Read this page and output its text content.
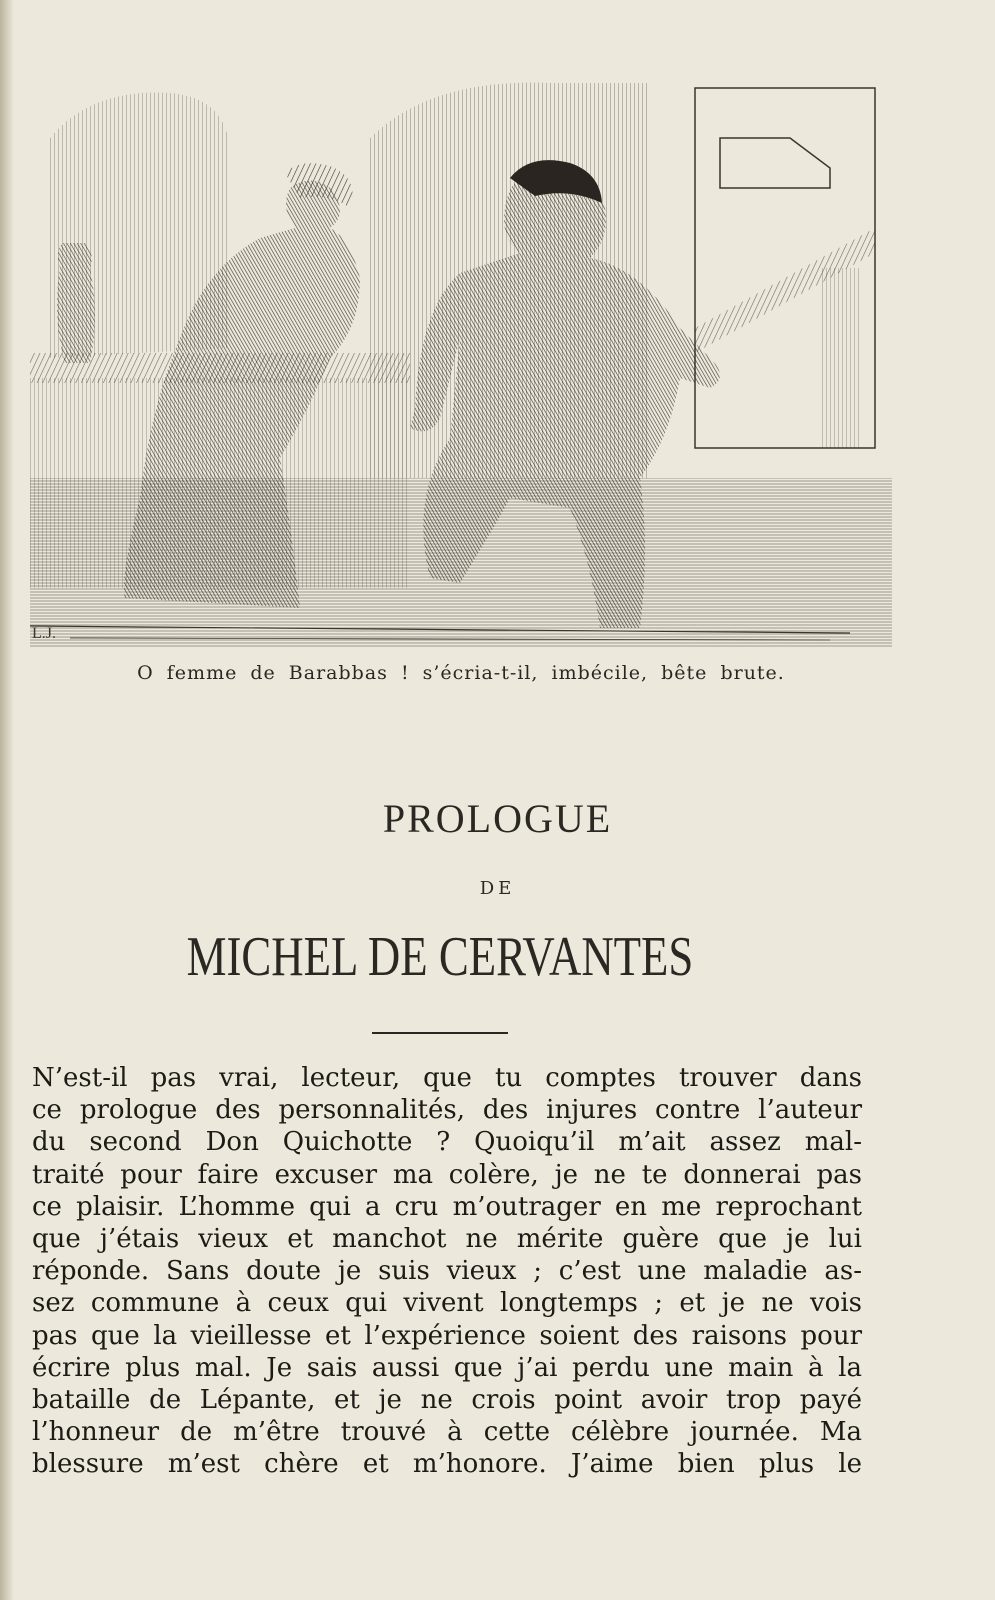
L.J.
O femme de Barabbas ! s’écria-t-il, imbécile, bête brute.
PROLOGUE
DE
MICHEL DE CERVANTES
N’est-il pas vrai, lecteur, que tu comptes trouver dans
ce prologue des personnalités, des injures contre l’auteur
du second Don Quichotte ? Quoiqu’il m’ait assez mal-
traité pour faire excuser ma colère, je ne te donnerai pas
ce plaisir. L’homme qui a cru m’outrager en me reprochant
que j’étais vieux et manchot ne mérite guère que je lui
réponde. Sans doute je suis vieux ; c’est une maladie as-
sez commune à ceux qui vivent longtemps ; et je ne vois
pas que la vieillesse et l’expérience soient des raisons pour
écrire plus mal. Je sais aussi que j’ai perdu une main à la
bataille de Lépante, et je ne crois point avoir trop payé
l’honneur de m’être trouvé à cette célèbre journée. Ma
blessure m’est chère et m’honore. J’aime bien plus le
